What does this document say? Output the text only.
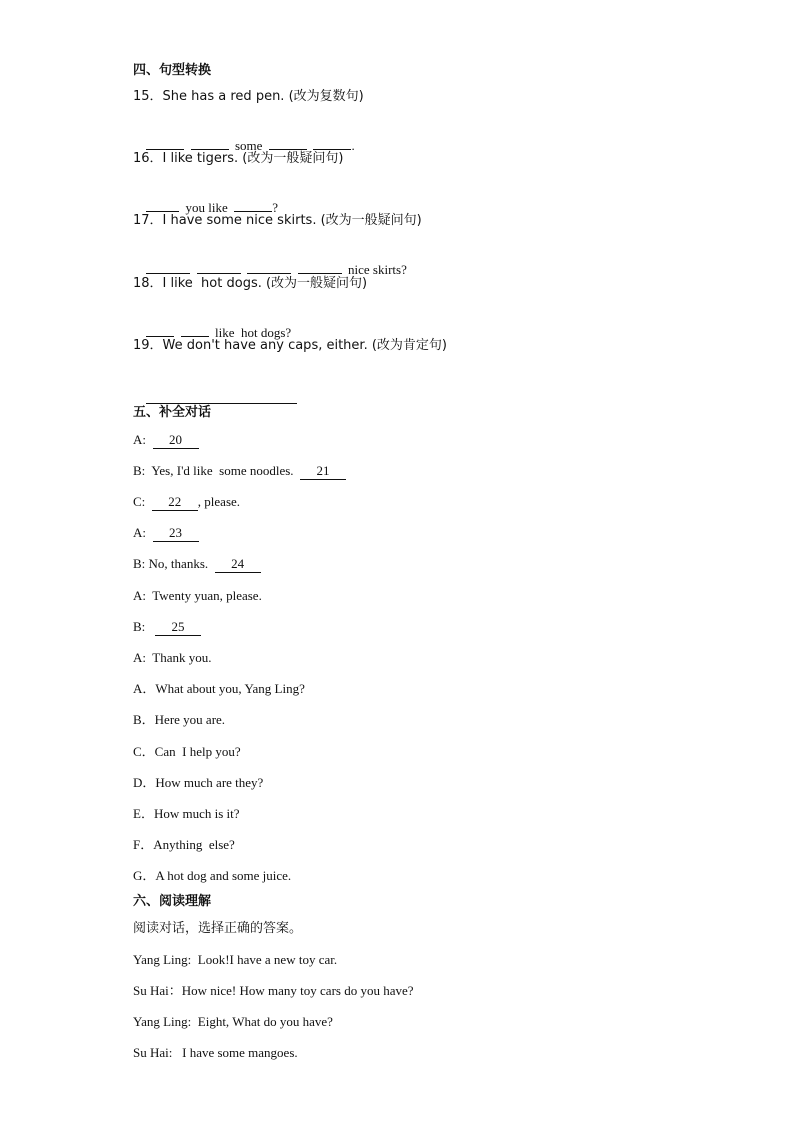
四、句型转换
15．She has a red pen. (改为复数句)

some	.

16．I like tigers. (改为一般疑问句)

you like	?

17．I have some nice skirts. (改为一般疑问句)

nice skirts?

18．I like  hot dogs. (改为一般疑问句)

like  hot dogs?

19．We don't have any caps, either. (改为肯定句)

五、补全对话
A: 20
B: Yes, I'd like  some noodles. 21
C: 22 , please.
A: 23
B: No, thanks. 24
A: Twenty yuan, please.
B: 25
A: Thank you.
A．What about you, Yang Ling?
B．Here you are.
C．Can  I help you?
D．How much are they?
E．How much is it?
F．Anything  else?
G．A hot dog and some juice.
六、阅读理解
阅读对话，选择正确的答案。
Yang Ling:  Look!I have a new toy car.
Su Hai：How nice! How many toy cars do you have?
Yang Ling:  Eight, What do you have?
Su Hai:   I have some mangoes.
